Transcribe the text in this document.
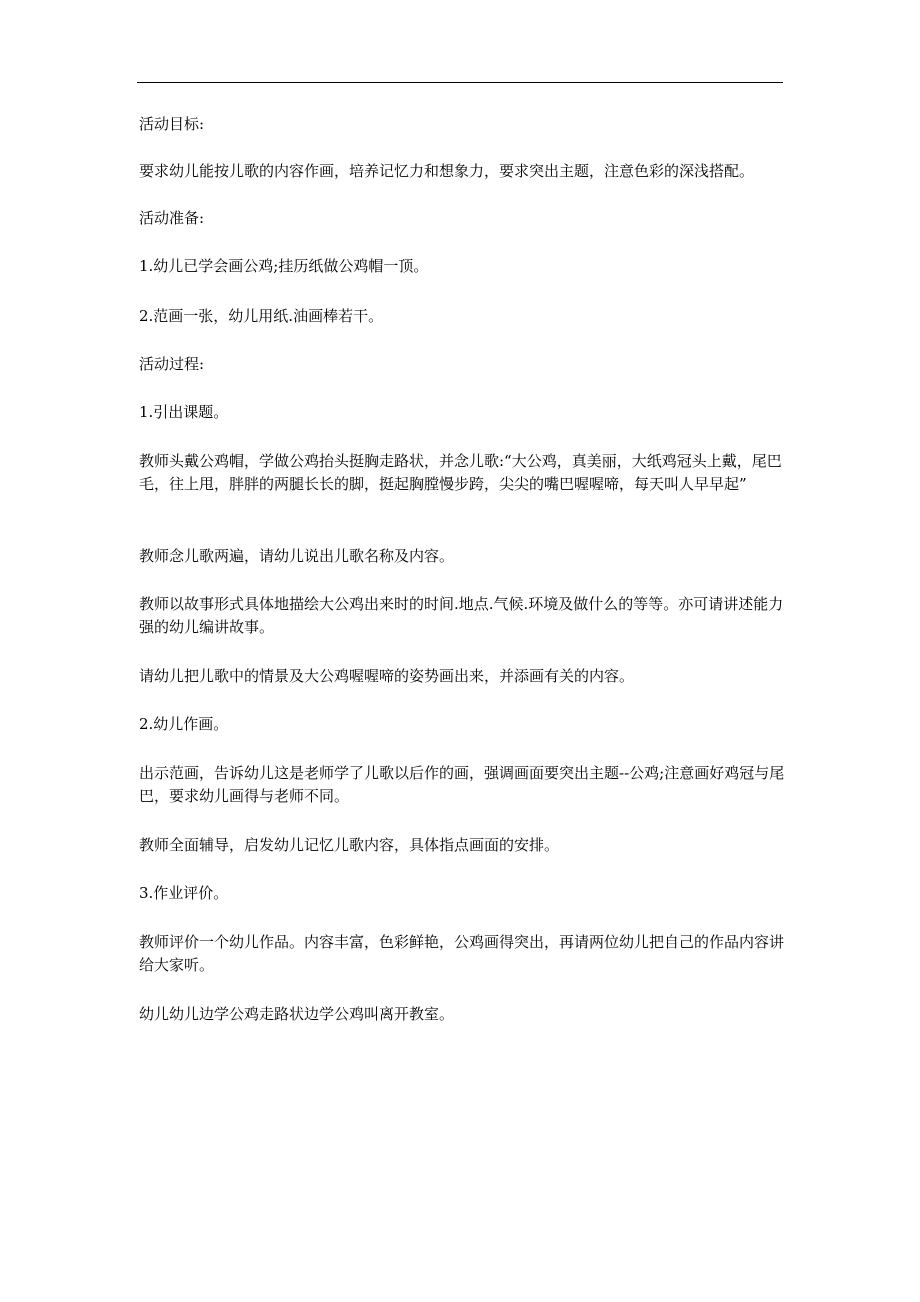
活动目标:

要求幼儿能按儿歌的内容作画，培养记忆力和想象力，要求突出主题，注意色彩的深浅搭配。

活动准备:

1.幼儿已学会画公鸡;挂历纸做公鸡帽一顶。

2.范画一张，幼儿用纸.油画棒若干。

活动过程:

1.引出课题。

教师头戴公鸡帽，学做公鸡抬头挺胸走路状，并念儿歌:“大公鸡，真美丽，大纸鸡冠头上戴，尾巴毛，往上甩，胖胖的两腿长长的脚，挺起胸膛慢步跨，尖尖的嘴巴喔喔啼，每天叫人早早起”

教师念儿歌两遍，请幼儿说出儿歌名称及内容。

教师以故事形式具体地描绘大公鸡出来时的时间.地点.气候.环境及做什么的等等。亦可请讲述能力强的幼儿编讲故事。

请幼儿把儿歌中的情景及大公鸡喔喔啼的姿势画出来，并添画有关的内容。

2.幼儿作画。

出示范画，告诉幼儿这是老师学了儿歌以后作的画，强调画面要突出主题--公鸡;注意画好鸡冠与尾巴，要求幼儿画得与老师不同。

教师全面辅导，启发幼儿记忆儿歌内容，具体指点画面的安排。

3.作业评价。

教师评价一个幼儿作品。内容丰富，色彩鲜艳，公鸡画得突出，再请两位幼儿把自己的作品内容讲给大家听。

幼儿幼儿边学公鸡走路状边学公鸡叫离开教室。
